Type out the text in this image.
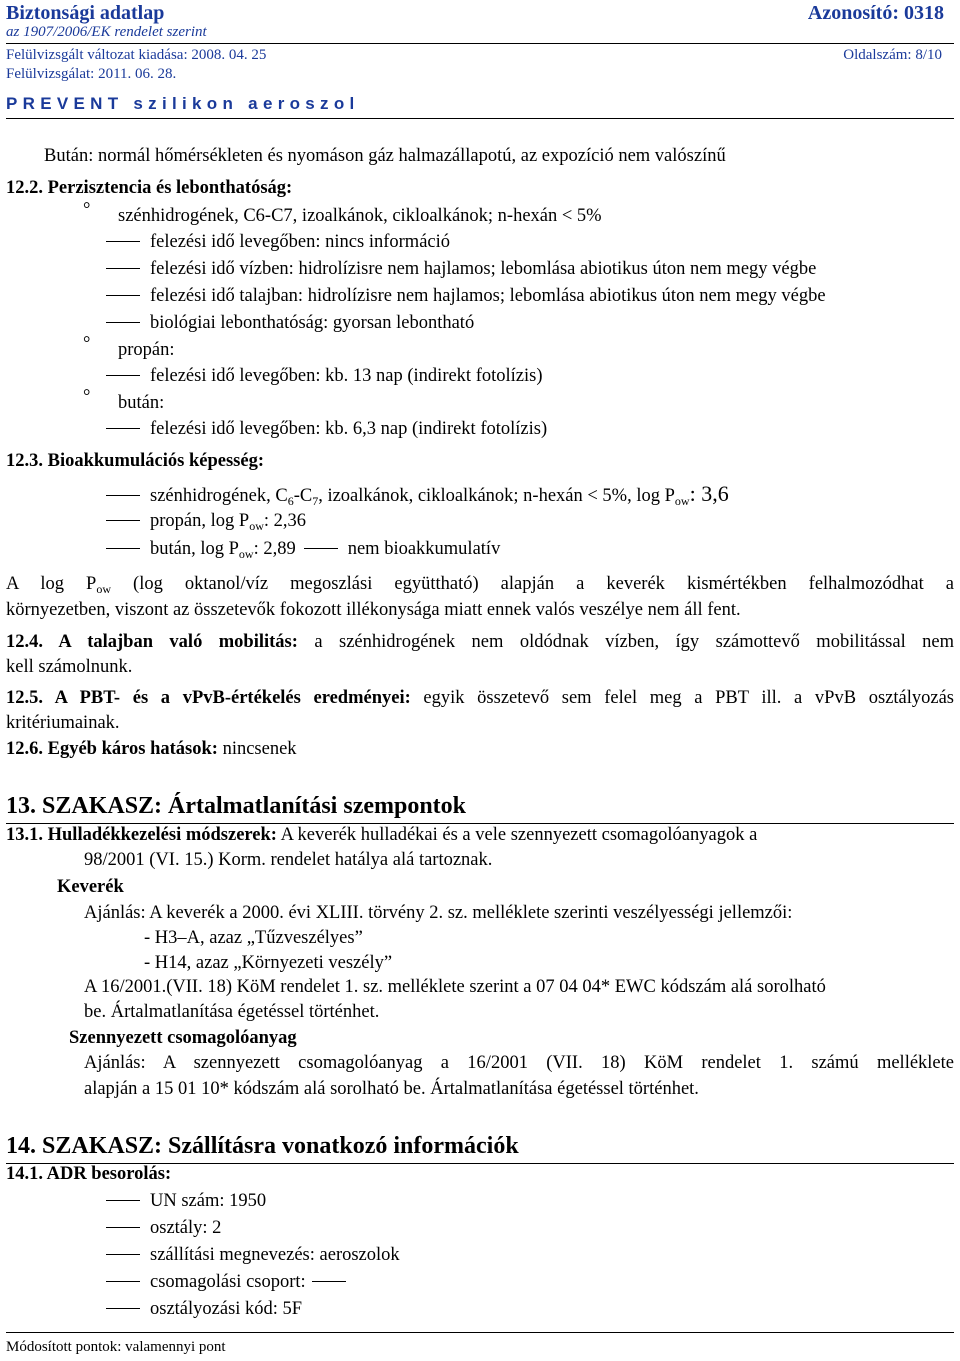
Biztonsági adatlap	Azonosító: 0318
az 1907/2006/EK rendelet szerint
Felülvizsgált változat kiadása: 2008. 04. 25	Oldalszám: 8/10
Felülvizsgálat: 2011. 06. 28.
PREVENT szilikon aeroszol
Bután: normál hőmérsékleten és nyomáson gáz halmazállapotú, az expozíció nem valószínű
12.2. Perzisztencia és lebonthatóság:
° szénhidrogének, C6-C7, izoalkánok, cikloalkánok; n-hexán < 5%
felezési idő levegőben: nincs információ
felezési idő vízben: hidrolízisre nem hajlamos; lebomlása abiotikus úton nem megy végbe
felezési idő talajban: hidrolízisre nem hajlamos; lebomlása abiotikus úton nem megy végbe
biológiai lebonthatóság: gyorsan lebontható
° propán:
felezési idő levegőben: kb. 13 nap (indirekt fotolízis)
° bután:
felezési idő levegőben: kb. 6,3 nap (indirekt fotolízis)
12.3. Bioakkumulációs képesség:
szénhidrogének, $C_6-C_7$, izoalkánok, cikloalkánok; n-hexán < 5%, $\log P_{ow}$: 3,6
propán, $\log P_{ow}$: 2,36
bután, $\log P_{ow}$: 2,89	nem bioakkumulatív
A $\log P_{ow}$ (log oktanol/víz megoszlási együttható) alapján a keverék kismértékben felhalmozódhat a
környezetben, viszont az összetevők fokozott illékonysága miatt ennek valós veszélye nem áll fent.
12.4. A talajban való mobilitás: a szénhidrogének nem oldódnak vízben, így számottevő mobilitással nem
kell számolnunk.
12.5. A PBT- és a vPvB-értékelés eredményei: egyik összetevő sem felel meg a PBT ill. a vPvB osztályozás
kritériumainak.
12.6. Egyéb káros hatások: nincsenek
13. SZAKASZ: Ártalmatlanítási szempontok
13.1. Hulladékkezelési módszerek: A keverék hulladékai és a vele szennyezett csomagolóanyagok a
98/2001 (VI. 15.) Korm. rendelet hatálya alá tartoznak.
Keverék
Ajánlás: A keverék a 2000. évi XLIII. törvény 2. sz. melléklete szerinti veszélyességi jellemzői:
- H3–A, azaz „Tűzveszélyes”
- H14, azaz „Környezeti veszély”
A 16/2001.(VII. 18) KöM rendelet 1. sz. melléklete szerint a 07 04 04* EWC kódszám alá sorolható
be. Ártalmatlanítása égetéssel történhet.
Szennyezett csomagolóanyag
Ajánlás: A szennyezett csomagolóanyag a 16/2001 (VII. 18) KöM rendelet 1. számú melléklete
alapján a 15 01 10* kódszám alá sorolható be. Ártalmatlanítása égetéssel történhet.
14. SZAKASZ: Szállításra vonatkozó információk
14.1. ADR besorolás:
UN szám: 1950
osztály: 2
szállítási megnevezés: aeroszolok
csomagolási csoport:
osztályozási kód: 5F
Módosított pontok: valamennyi pont
